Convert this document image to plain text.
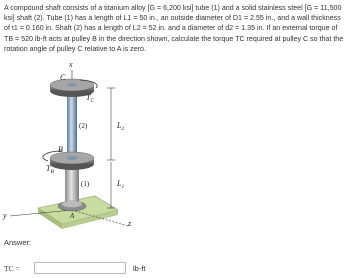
A compound shaft consists of a titanium alloy [G = 6,200 ksi] tube (1) and a solid stainless steel [G = 11,500 ksi] shaft (2). Tube (1) has a length of L1 = 50 in., an outside diameter of D1 = 2.55 in., and a wall thickness of t1 = 0.160 in. Shaft (2) has a length of L2 = 52 in. and a diameter of d2 = 1.35 in. If an external torque of TB = 520 lb-ft acts at pulley B in the direction shown, calculate the torque TC required at pulley C so that the rotation angle of pulley C relative to A is zero.
x
C
$T_C$
(2)	$L_2$
B
$T_B$
(1)	$L_1$
A
y
z
Answer:
TC =	lb-ft
